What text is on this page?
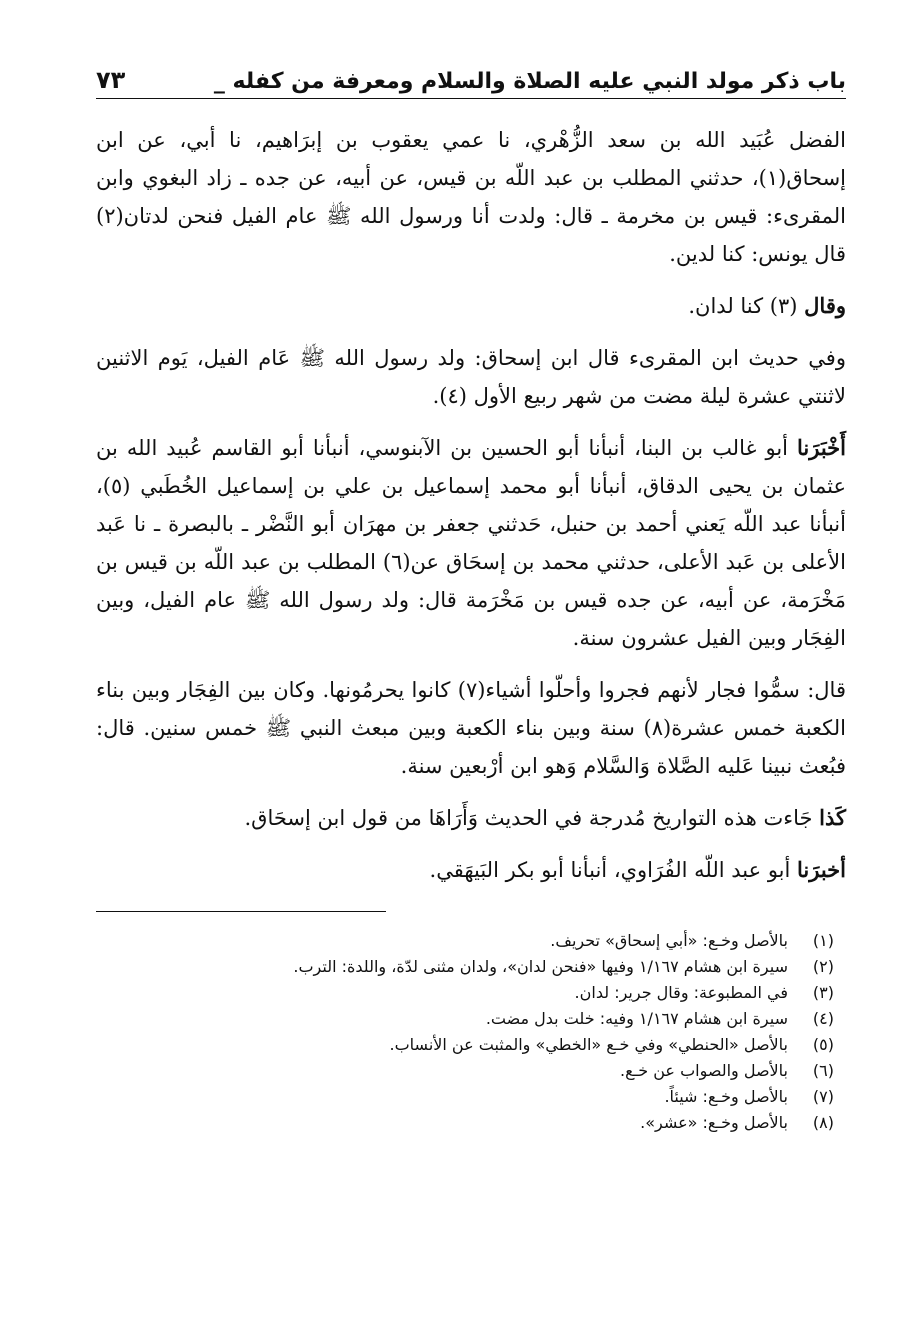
باب ذكر مولد النبي عليه الصلاة والسلام ومعرفة من كفله _
٧٣

الفضل عُبَيد الله بن سعد الزُّهْري، نا عمي يعقوب بن إبرَاهيم، نا أبي، عن ابن إسحاق(١)، حدثني المطلب بن عبد اللّه بن قيس، عن أبيه، عن جده ـ زاد البغوي وابن المقرىء: قيس بن مخرمة ـ قال: ولدت أنا ورسول الله ﷺ عام الفيل فنحن لدتان(٢) قال يونس: كنا لدين.

وقال (٣) كنا لدان.

وفي حديث ابن المقرىء قال ابن إسحاق: ولد رسول الله ﷺ عَام الفيل، يَوم الاثنين لاثنتي عشرة ليلة مضت من شهر ربيع الأول (٤).

أَخْبَرَنا أبو غالب بن البنا، أنبأنا أبو الحسين بن الآبنوسي، أنبأنا أبو القاسم عُبيد الله بن عثمان بن يحيى الدقاق، أنبأنا أبو محمد إسماعيل بن علي بن إسماعيل الخُطَبي (٥)، أنبأنا عبد اللّه يَعني أحمد بن حنبل، حَدثني جعفر بن مهرَان أبو النَّضْر ـ بالبصرة ـ نا عَبد الأعلى بن عَبد الأعلى، حدثني محمد بن إسحَاق عن(٦) المطلب بن عبد اللّه بن قيس بن مَخْرَمة، عن أبيه، عن جده قيس بن مَخْرَمة قال: ولد رسول الله ﷺ عام الفيل، وبين الفِجَار وبين الفيل عشرون سنة.

قال: سمُّوا فجار لأنهم فجروا وأحلّوا أشياء(٧) كانوا يحرمُونها. وكان بين الفِجَار وبين بناء الكعبة خمس عشرة(٨) سنة وبين بناء الكعبة وبين مبعث النبي ﷺ خمس سنين. قال: فبُعث نبينا عَليه الصَّلاة وَالسَّلام وَهو ابن أرْبعين سنة.

كَذا جَاءت هذه التواريخ مُدرجة في الحديث وَأَرَاهَا من قول ابن إسحَاق.

أخبرَنا أبو عبد اللّه الفُرَاوي، أنبأنا أبو بكر البَيهَقي.

(١)
بالأصل وخـع: «أبي إسحاق» تحريف.
(٢)
سيرة ابن هشام ١/١٦٧ وفيها «فنحن لدان»، ولدان مثنى لدّة، واللدة: الترب.
(٣)
في المطبوعة: وقال جرير: لدان.
(٤)
سيرة ابن هشام ١/١٦٧ وفيه: خلت بدل مضت.
(٥)
بالأصل «الحنطي» وفي خـع «الخطي» والمثبت عن الأنساب.
(٦)
بالأصل والصواب عن خـع.
(٧)
بالأصل وخـع: شيئاً.
(٨)
بالأصل وخـع: «عشر».
